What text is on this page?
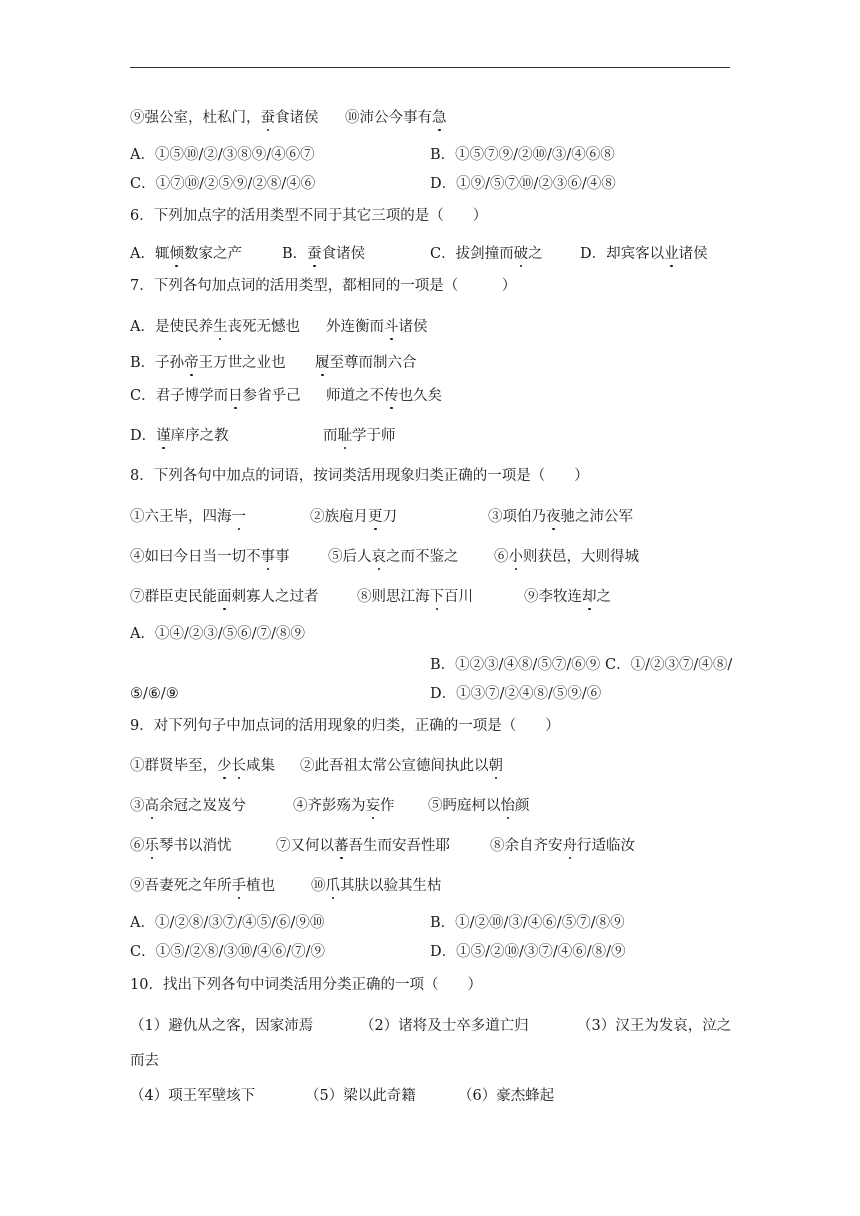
⑨强公室，杜私门，蚕食诸侯 ⑩沛公今事有急
A．①⑤⑩/②/③⑧⑨/④⑥⑦	B．①⑤⑦⑨/②⑩/③/④⑥⑧
C．①⑦⑩/②⑤⑨/②⑧/④⑥	D．①⑨/⑤⑦⑩/②③⑥/④⑧
6．下列加点字的活用类型不同于其它三项的是（　　）
A．辄倾数家之产	B．蚕食诸侯	C．拔剑撞而破之	D．却宾客以业诸侯
7．下列各句加点词的活用类型，都相同的一项是（　　　）
A．是使民养生丧死无憾也 外连衡而斗诸侯
B．子孙帝王万世之业也 履至尊而制六合
C．君子博学而日参省乎己 师道之不传也久矣
D．谨庠序之教	而耻学于师
8．下列各句中加点的词语，按词类活用现象归类正确的一项是（　　）
①六王毕，四海一	②族庖月更刀	③项伯乃夜驰之沛公军
④如曰今日当一切不事事	⑤后人哀之而不鉴之 ⑥小则获邑，大则得城
⑦群臣吏民能面刺寡人之过者	⑧则思江海下百川	⑨李牧连却之
A．①④/②③/⑤⑥/⑦/⑧⑨
B．①②③/④⑧/⑤⑦/⑥⑨ C．①/②③⑦/④⑧/
⑤/⑥/⑨	D．①③⑦/②④⑧/⑤⑨/⑥
9．对下列句子中加点词的活用现象的归类，正确的一项是（　　）
①群贤毕至，少长咸集 ②此吾祖太常公宣德间执此以朝
③高余冠之岌岌兮	④齐彭殇为妄作 ⑤眄庭柯以怡颜
⑥乐琴书以消忧	⑦又何以蕃吾生而安吾性耶	⑧余自齐安舟行适临汝
⑨吾妻死之年所手植也 ⑩爪其肤以验其生枯
A．①/②⑧/③⑦/④⑤/⑥/⑨⑩	B．①/②⑩/③/④⑥/⑤⑦/⑧⑨
C．①⑤/②⑧/③⑩/④⑥/⑦/⑨	D．①⑤/②⑩/③⑦/④⑥/⑧/⑨
10．找出下列各句中词类活用分类正确的一项（　　）
（1）避仇从之客，因家沛焉	（2）诸将及士卒多道亡归	（3）汉王为发哀，泣之
而去
（4）项王军壁垓下	（5）梁以此奇籍	（6）豪杰蜂起
